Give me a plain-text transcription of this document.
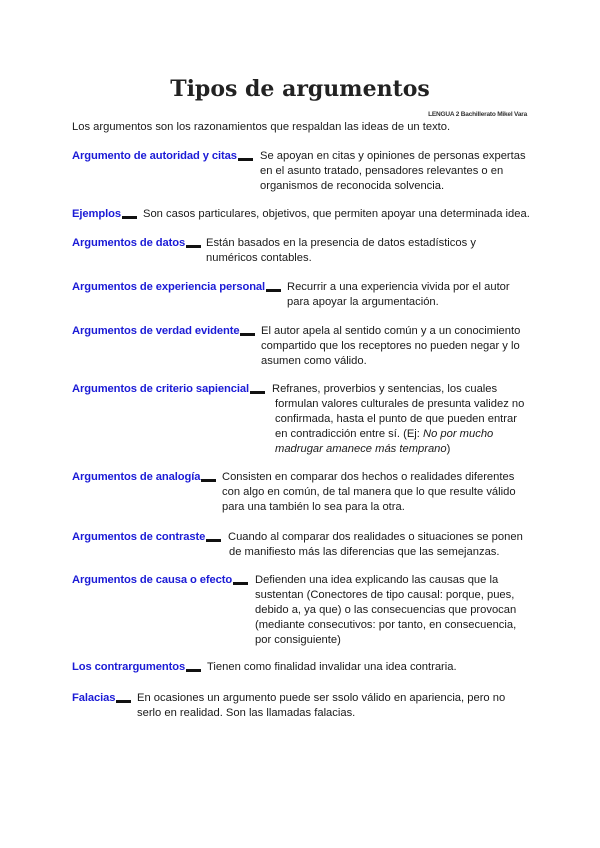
Tipos de argumentos
LENGUA 2 Bachillerato Mikel Vara
Los argumentos son los razonamientos que respaldan las ideas de un texto.
Argumento de autoridad y citas	Se apoyan en citas y opiniones de personas expertas
en el asunto tratado, pensadores relevantes o en
organismos de reconocida solvencia.
Ejemplos	Son casos particulares, objetivos, que permiten apoyar una determinada idea.
Argumentos de datos	Están basados en la presencia de datos estadísticos y
numéricos contables.
Argumentos de experiencia personal	Recurrir a una experiencia vivida por el autor
para apoyar la argumentación.
Argumentos de verdad evidente	El autor apela al sentido común y a un conocimiento
compartido que los receptores no pueden negar y lo
asumen como válido.
Argumentos de criterio sapiencial	Refranes, proverbios y sentencias, los cuales
formulan valores culturales de presunta validez no
confirmada, hasta el punto de que pueden entrar
en contradicción entre sí. (Ej: No por mucho
madrugar amanece más temprano)
Argumentos de analogía	Consisten en comparar dos hechos o realidades diferentes
con algo en común, de tal manera que lo que resulte válido
para una también lo sea para la otra.
Argumentos de contraste	Cuando al comparar dos realidades o situaciones se ponen
de manifiesto más las diferencias que las semejanzas.
Argumentos de causa o efecto	Defienden una idea explicando las causas que la
sustentan (Conectores de tipo causal: porque, pues,
debido a, ya que) o las consecuencias que provocan
(mediante consecutivos: por tanto, en consecuencia,
por consiguiente)
Los contrargumentos	Tienen como finalidad invalidar una idea contraria.
Falacias	En ocasiones un argumento puede ser ssolo válido en apariencia, pero no
serlo en realidad. Son las llamadas falacias.
